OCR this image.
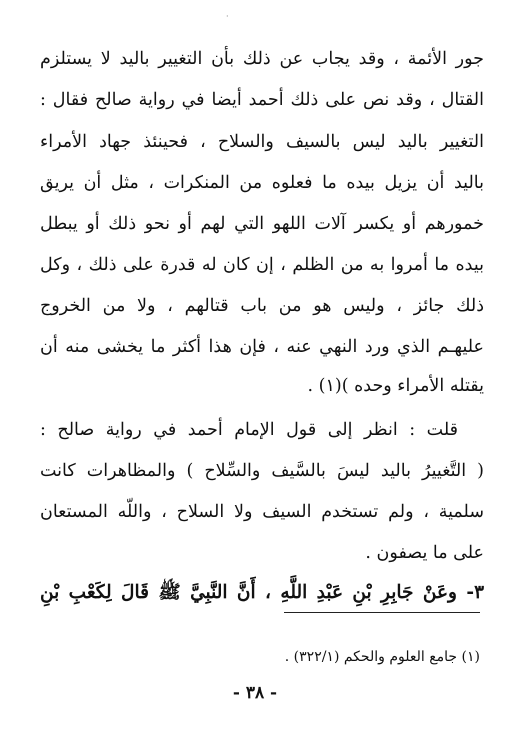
·
جور الأئمة ، وقد يجاب عن ذلك بأن التغيير باليد لا يستلزم
القتال ، وقد نص على ذلك أحمد أيضا في رواية صالح فقال :
التغيير باليد ليس بالسيف والسلاح ، فحينئذ جهاد الأمراء
باليد أن يزيل بيده ما فعلوه من المنكرات ، مثل أن يريق
خمورهم أو يكسر آلات اللهو التي لهم أو نحو ذلك أو يبطل
بيده ما أمروا به من الظلم ، إن كان له قدرة على ذلك ، وكل
ذلك جائز ، وليس هو من باب قتالهم ، ولا من الخروج
عليهـم الذي ورد النهي عنه ، فإن هذا أكثر ما يخشى منه أن
يقتله الأمراء وحده )(١) .
قلت : انظر إلى قول الإمام أحمد في رواية صالح :
( التَّغييرُ باليد ليسَ بالسَّيف والسِّلاح ) والمظاهرات كانت
سلمية ، ولم تستخدم السيف ولا السلاح ، واللّه المستعان
على ما يصفون .
٣- وعَنْ جَابِرِ بْنِ عَبْدِ اللَّهِ ، أَنَّ النَّبِيَّ ﷺ قَالَ لِكَعْبِ بْنِ
(١) جامع العلوم والحكم (٣٢٢/١) .
- ٣٨ -
